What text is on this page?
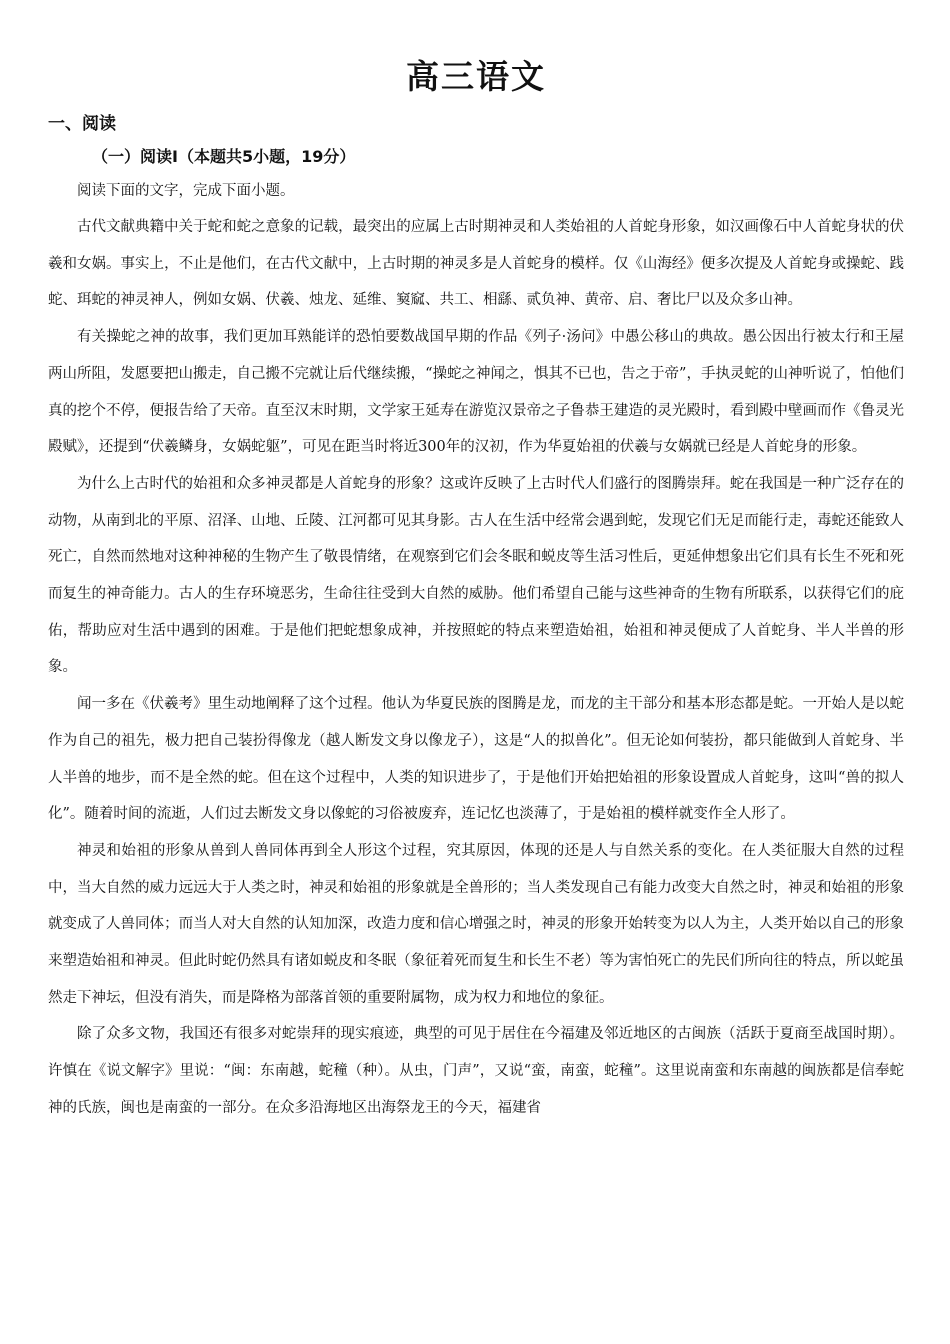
高三语文
一、阅读
（一）阅读Ⅰ（本题共5小题，19分）

阅读下面的文字，完成下面小题。

古代文献典籍中关于蛇和蛇之意象的记载，最突出的应属上古时期神灵和人类始祖的人首蛇身形象，如汉画像石中人首蛇身状的伏羲和女娲。事实上，不止是他们，在古代文献中，上古时期的神灵多是人首蛇身的模样。仅《山海经》便多次提及人首蛇身或操蛇、践蛇、珥蛇的神灵神人，例如女娲、伏羲、烛龙、延维、窫窳、共工、相繇、贰负神、黄帝、启、奢比尸以及众多山神。

有关操蛇之神的故事，我们更加耳熟能详的恐怕要数战国早期的作品《列子·汤问》中愚公移山的典故。愚公因出行被太行和王屋两山所阻，发愿要把山搬走，自己搬不完就让后代继续搬，“操蛇之神闻之，惧其不已也，告之于帝”，手执灵蛇的山神听说了，怕他们真的挖个不停，便报告给了天帝。直至汉末时期，文学家王延寿在游览汉景帝之子鲁恭王建造的灵光殿时，看到殿中壁画而作《鲁灵光殿赋》，还提到“伏羲鳞身，女娲蛇躯”，可见在距当时将近300年的汉初，作为华夏始祖的伏羲与女娲就已经是人首蛇身的形象。

为什么上古时代的始祖和众多神灵都是人首蛇身的形象？这或许反映了上古时代人们盛行的图腾崇拜。蛇在我国是一种广泛存在的动物，从南到北的平原、沼泽、山地、丘陵、江河都可见其身影。古人在生活中经常会遇到蛇，发现它们无足而能行走，毒蛇还能致人死亡，自然而然地对这种神秘的生物产生了敬畏情绪，在观察到它们会冬眠和蜕皮等生活习性后，更延伸想象出它们具有长生不死和死而复生的神奇能力。古人的生存环境恶劣，生命往往受到大自然的威胁。他们希望自己能与这些神奇的生物有所联系，以获得它们的庇佑，帮助应对生活中遇到的困难。于是他们把蛇想象成神，并按照蛇的特点来塑造始祖，始祖和神灵便成了人首蛇身、半人半兽的形象。

闻一多在《伏羲考》里生动地阐释了这个过程。他认为华夏民族的图腾是龙，而龙的主干部分和基本形态都是蛇。一开始人是以蛇作为自己的祖先，极力把自己装扮得像龙（越人断发文身以像龙子），这是“人的拟兽化”。但无论如何装扮，都只能做到人首蛇身、半人半兽的地步，而不是全然的蛇。但在这个过程中，人类的知识进步了，于是他们开始把始祖的形象设置成人首蛇身，这叫“兽的拟人化”。随着时间的流逝，人们过去断发文身以像蛇的习俗被废弃，连记忆也淡薄了，于是始祖的模样就变作全人形了。

神灵和始祖的形象从兽到人兽同体再到全人形这个过程，究其原因，体现的还是人与自然关系的变化。在人类征服大自然的过程中，当大自然的威力远远大于人类之时，神灵和始祖的形象就是全兽形的；当人类发现自己有能力改变大自然之时，神灵和始祖的形象就变成了人兽同体；而当人对大自然的认知加深，改造力度和信心增强之时，神灵的形象开始转变为以人为主，人类开始以自己的形象来塑造始祖和神灵。但此时蛇仍然具有诸如蜕皮和冬眠（象征着死而复生和长生不老）等为害怕死亡的先民们所向往的特点，所以蛇虽然走下神坛，但没有消失，而是降格为部落首领的重要附属物，成为权力和地位的象征。

除了众多文物，我国还有很多对蛇崇拜的现实痕迹，典型的可见于居住在今福建及邻近地区的古闽族（活跃于夏商至战国时期）。许慎在《说文解字》里说：“闽：东南越，蛇穜（种）。从虫，门声”，又说“蛮，南蛮，蛇穜”。这里说南蛮和东南越的闽族都是信奉蛇神的氏族，闽也是南蛮的一部分。在众多沿海地区出海祭龙王的今天，福建省
